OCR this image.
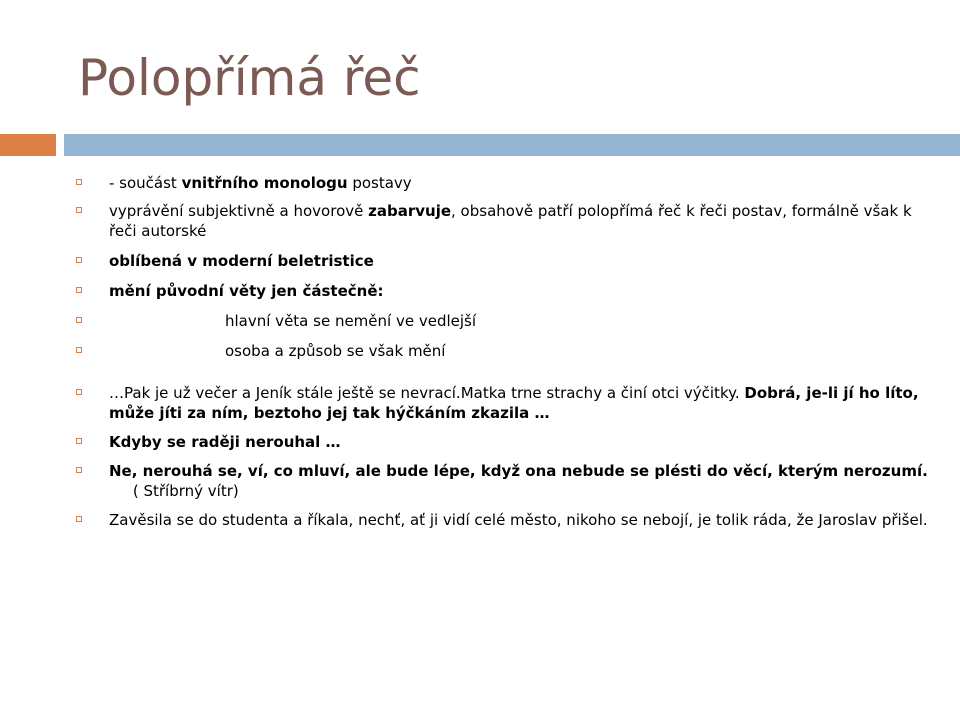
Polopřímá řeč
- součást vnitřního monologu postavy
vyprávění subjektivně a hovorově zabarvuje, obsahově patří polopřímá řeč k řeči postav, formálně však k řeči autorské
oblíbená v moderní beletristice
mění původní věty jen částečně:
hlavní věta se nemění ve vedlejší
osoba a způsob se však mění
…Pak je už večer a Jeník stále ještě se nevrací.Matka trne strachy a činí otci výčitky. Dobrá, je-li jí ho líto, může jíti za ním, beztoho jej tak hýčkáním zkazila …
Kdyby se raději nerouhal …
Ne, nerouhá se, ví, co mluví, ale bude lépe, když ona nebude se plésti do věcí, kterým nerozumí.     ( Stříbrný vítr)
Zavěsila se do studenta a říkala, nechť, ať ji vidí celé město, nikoho se nebojí, je tolik ráda, že Jaroslav přišel.
